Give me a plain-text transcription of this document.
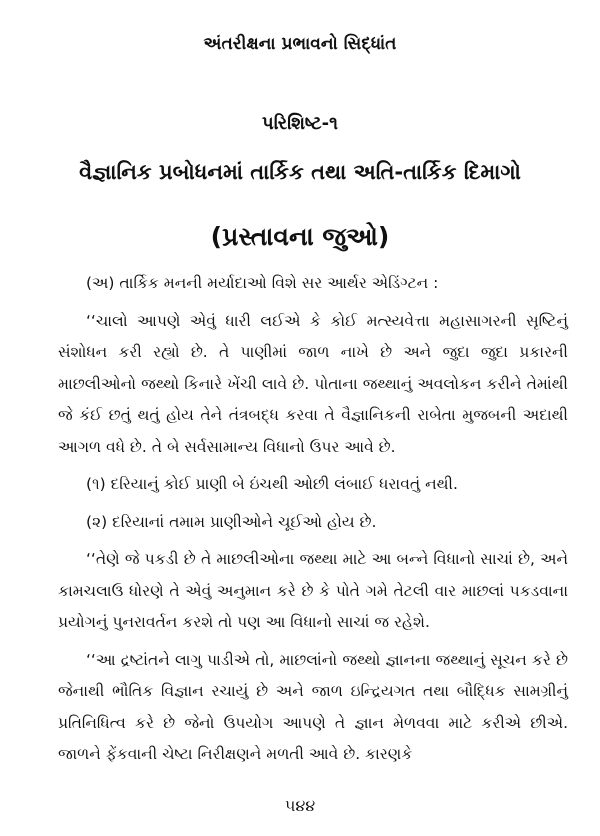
અંતરીક્ષના પ્રભાવનો સિદ્ધાંત
પરિશિષ્ટ-૧
વૈજ્ઞાનિક પ્રબોધનમાં તાર્કિક તથા અતિ-તાર્કિક દિમાગો
(પ્રસ્તાવના જુઓ)

(અ) તાર્કિક મનની મર્યાદાઓ વિશે સર આર્થર એડિંગ્ટન :

‘‘ચાલો આપણે એવું ધારી લઈએ કે કોઈ મત્સ્યવેત્તા મહાસાગરની સૃષ્ટિનું સંશોધન કરી રહ્યો છે. તે પાણીમાં જાળ નાખે છે અને જુદા જુદા પ્રકારની માછલીઓનો જથ્થો કિનારે ખેંચી લાવે છે. પોતાના જથ્થાનું અવલોકન કરીને તેમાંથી જે કંઈ છતું થતું હોય તેને તંત્રબદ્ધ કરવા તે વૈજ્ઞાનિકની રાબેતા મુજબની અદાથી આગળ વધે છે. તે બે સર્વસામાન્ય વિધાનો ઉપર આવે છે.

(૧) દરિયાનું કોઈ પ્રાણી બે ઇંચથી ઓછી લંબાઈ ધરાવતું નથી.

(૨) દરિયાનાં તમામ પ્રાણીઓને ચૂઈઓ હોય છે.

‘‘તેણે જે પકડી છે તે માછલીઓના જથ્થા માટે આ બન્ને વિધાનો સાચાં છે, અને કામચલાઉ ધોરણે તે એવું અનુમાન કરે છે કે પોતે ગમે તેટલી વાર માછલાં પકડવાના પ્રયોગનું પુનરાવર્તન કરશે તો પણ આ વિધાનો સાચાં જ રહેશે.

‘‘આ દ્રષ્ટાંતને લાગુ પાડીએ તો, માછલાંનો જથ્થો જ્ઞાનના જથ્થાનું સૂચન કરે છે જેનાથી ભૌતિક વિજ્ઞાન રચાયું છે અને જાળ ઇન્દ્રિયગત તથા બૌદ્ધિક સામગ્રીનું પ્રતિનિધિત્વ કરે છે જેનો ઉપયોગ આપણે તે જ્ઞાન મેળવવા માટે કરીએ છીએ. જાળને ફેંકવાની ચેષ્ટા નિરીક્ષણને મળતી આવે છે. કારણકે

૫૪૪
